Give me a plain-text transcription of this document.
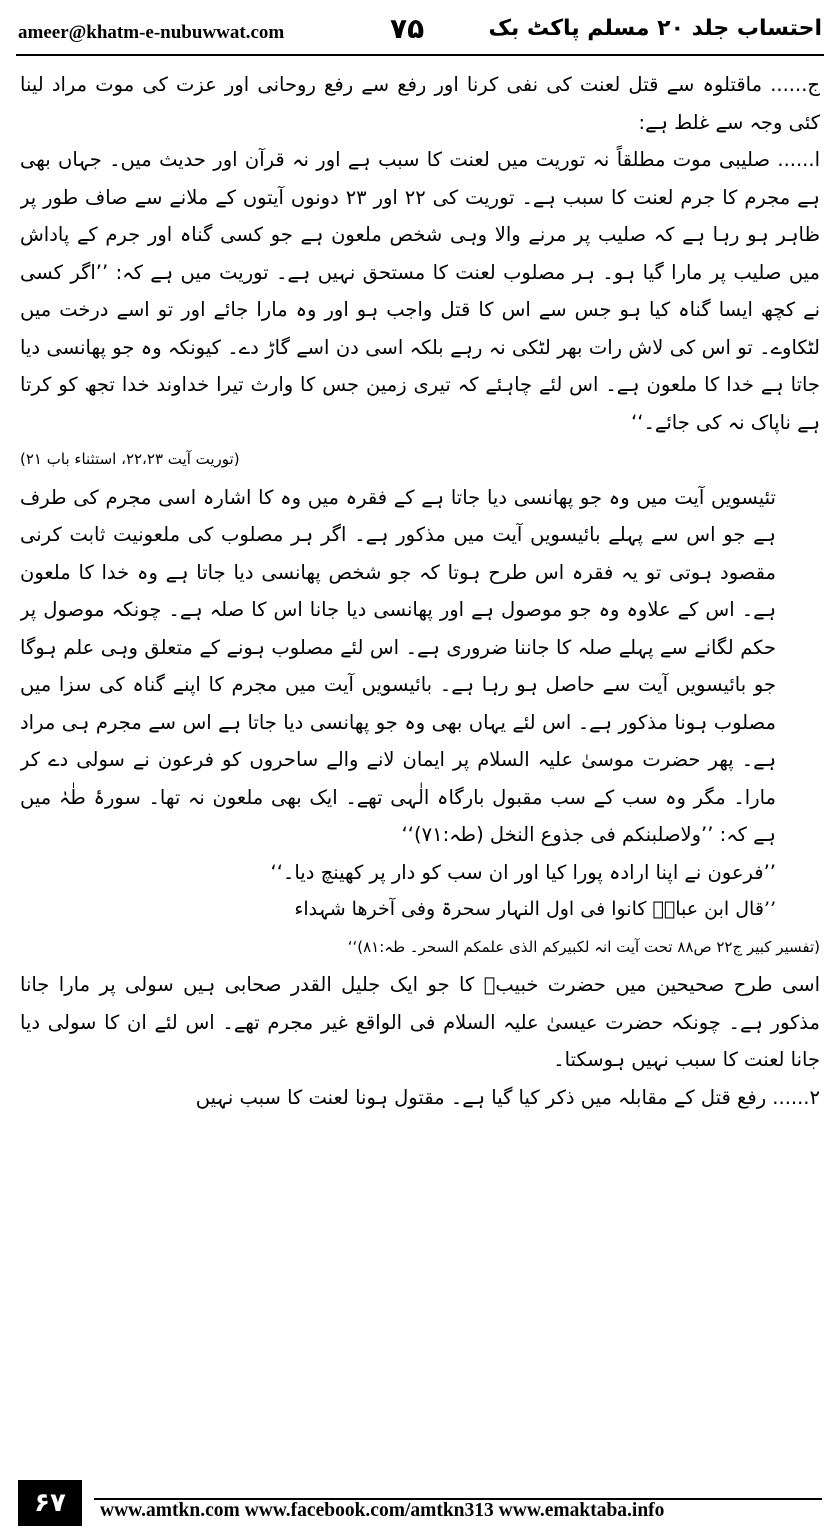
ameer@khatm-e-nubuwwat.com	۷۵	احتساب جلد ۲۰ مسلم پاکٹ بک

ج...... ماقتلوہ سے قتل لعنت کی نفی کرنا اور رفع سے رفع روحانی اور عزت کی موت مراد لینا کئی وجہ سے غلط ہے:

ا...... صلیبی موت مطلقاً نہ توریت میں لعنت کا سبب ہے اور نہ قرآن اور حدیث میں۔ جہاں بھی ہے مجرم کا جرم لعنت کا سبب ہے۔ توریت کی ۲۲ اور ۲۳ دونوں آیتوں کے ملانے سے صاف طور پر ظاہر ہو رہا ہے کہ صلیب پر مرنے والا وہی شخص ملعون ہے جو کسی گناہ اور جرم کے پاداش میں صلیب پر مارا گیا ہو۔ ہر مصلوب لعنت کا مستحق نہیں ہے۔ توریت میں ہے کہ: ’’اگر کسی نے کچھ ایسا گناہ کیا ہو جس سے اس کا قتل واجب ہو اور وہ مارا جائے اور تو اسے درخت میں لٹکاوے۔ تو اس کی لاش رات بھر لٹکی نہ رہے بلکہ اسی دن اسے گاڑ دے۔ کیونکہ وہ جو پھانسی دیا جاتا ہے خدا کا ملعون ہے۔ اس لئے چاہئے کہ تیری زمین جس کا وارث تیرا خداوند خدا تجھ کو کرتا ہے ناپاک نہ کی جائے۔‘‘

(توریت آیت ۲۲،۲۳، استثناء باب ۲۱)

تئیسویں آیت میں وہ جو پھانسی دیا جاتا ہے کے فقرہ میں وہ کا اشارہ اسی مجرم کی طرف ہے جو اس سے پہلے بائیسویں آیت میں مذکور ہے۔ اگر ہر مصلوب کی ملعونیت ثابت کرنی مقصود ہوتی تو یہ فقرہ اس طرح ہوتا کہ جو شخص پھانسی دیا جاتا ہے وہ خدا کا ملعون ہے۔ اس کے علاوہ وہ جو موصول ہے اور پھانسی دیا جانا اس کا صلہ ہے۔ چونکہ موصول پر حکم لگانے سے پہلے صلہ کا جاننا ضروری ہے۔ اس لئے مصلوب ہونے کے متعلق وہی علم ہوگا جو بائیسویں آیت سے حاصل ہو رہا ہے۔ بائیسویں آیت میں مجرم کا اپنے گناہ کی سزا میں مصلوب ہونا مذکور ہے۔ اس لئے یہاں بھی وہ جو پھانسی دیا جاتا ہے اس سے مجرم ہی مراد ہے۔ پھر حضرت موسیٰ علیہ السلام پر ایمان لانے والے ساحروں کو فرعون نے سولی دے کر مارا۔ مگر وہ سب کے سب مقبول بارگاہ الٰہی تھے۔ ایک بھی ملعون نہ تھا۔ سورۂ طٰہٰ میں ہے کہ: ’’ولاصلبنکم فی جذوع النخل (طہ:۷۱)‘‘

’’فرعون نے اپنا ارادہ پورا کیا اور ان سب کو دار پر کھینچ دیا۔‘‘

’’قال ابن عباسؓ کانوا فی اول النہار سحرۃ وفی آخرھا شہداء

(تفسیر کبیر ج۲۲ ص۸۸ تحت آیت انہ لکبیرکم الذی علمکم السحر۔ طہ:۸۱)‘‘

اسی طرح صحیحین میں حضرت خبیبؓ کا جو ایک جلیل القدر صحابی ہیں سولی پر مارا جانا مذکور ہے۔ چونکہ حضرت عیسیٰ علیہ السلام فی الواقع غیر مجرم تھے۔ اس لئے ان کا سولی دیا جانا لعنت کا سبب نہیں ہوسکتا۔

۲...... رفع قتل کے مقابلہ میں ذکر کیا گیا ہے۔ مقتول ہونا لعنت کا سبب نہیں

۶۷	www.amtkn.com www.facebook.com/amtkn313 www.emaktaba.info
